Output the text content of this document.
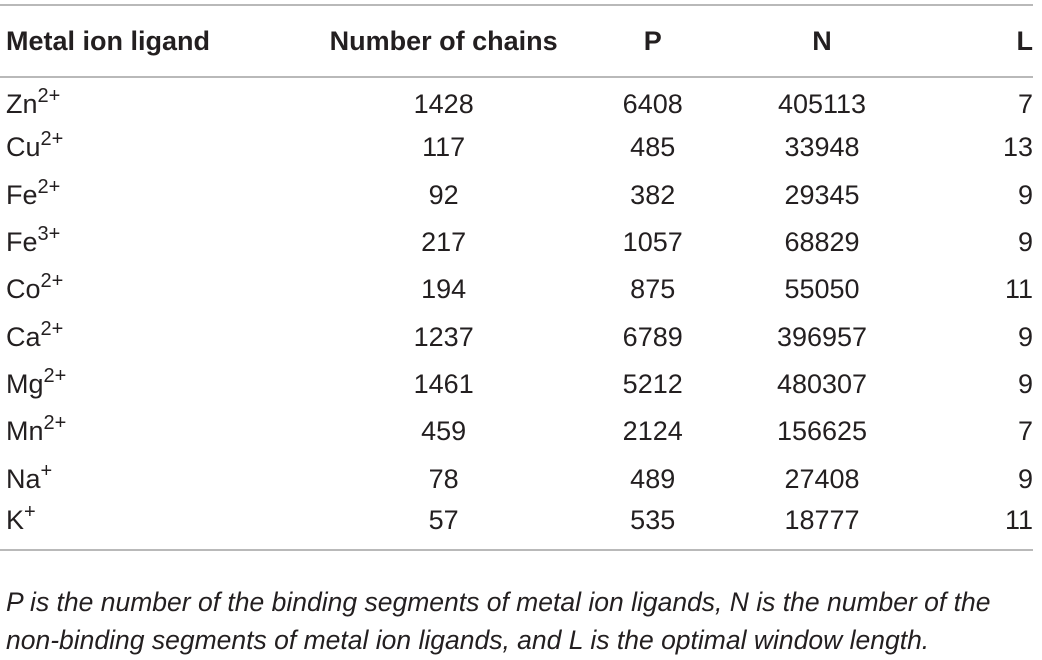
Metal ion ligand	Number of chains	P	N	L
$Zn^{2+}$	1428	6408	405113	7
$Cu^{2+}$	117	485	33948	13
$Fe^{2+}$	92	382	29345	9
$Fe^{3+}$	217	1057	68829	9
$Co^{2+}$	194	875	55050	11
$Ca^{2+}$	1237	6789	396957	9
$Mg^{2+}$	1461	5212	480307	9
$Mn^{2+}$	459	2124	156625	7
Na+	78	489	27408	9
K+	57	535	18777	11

P is the number of the binding segments of metal ion ligands, N is the number of the non-binding segments of metal ion ligands, and L is the optimal window length.
